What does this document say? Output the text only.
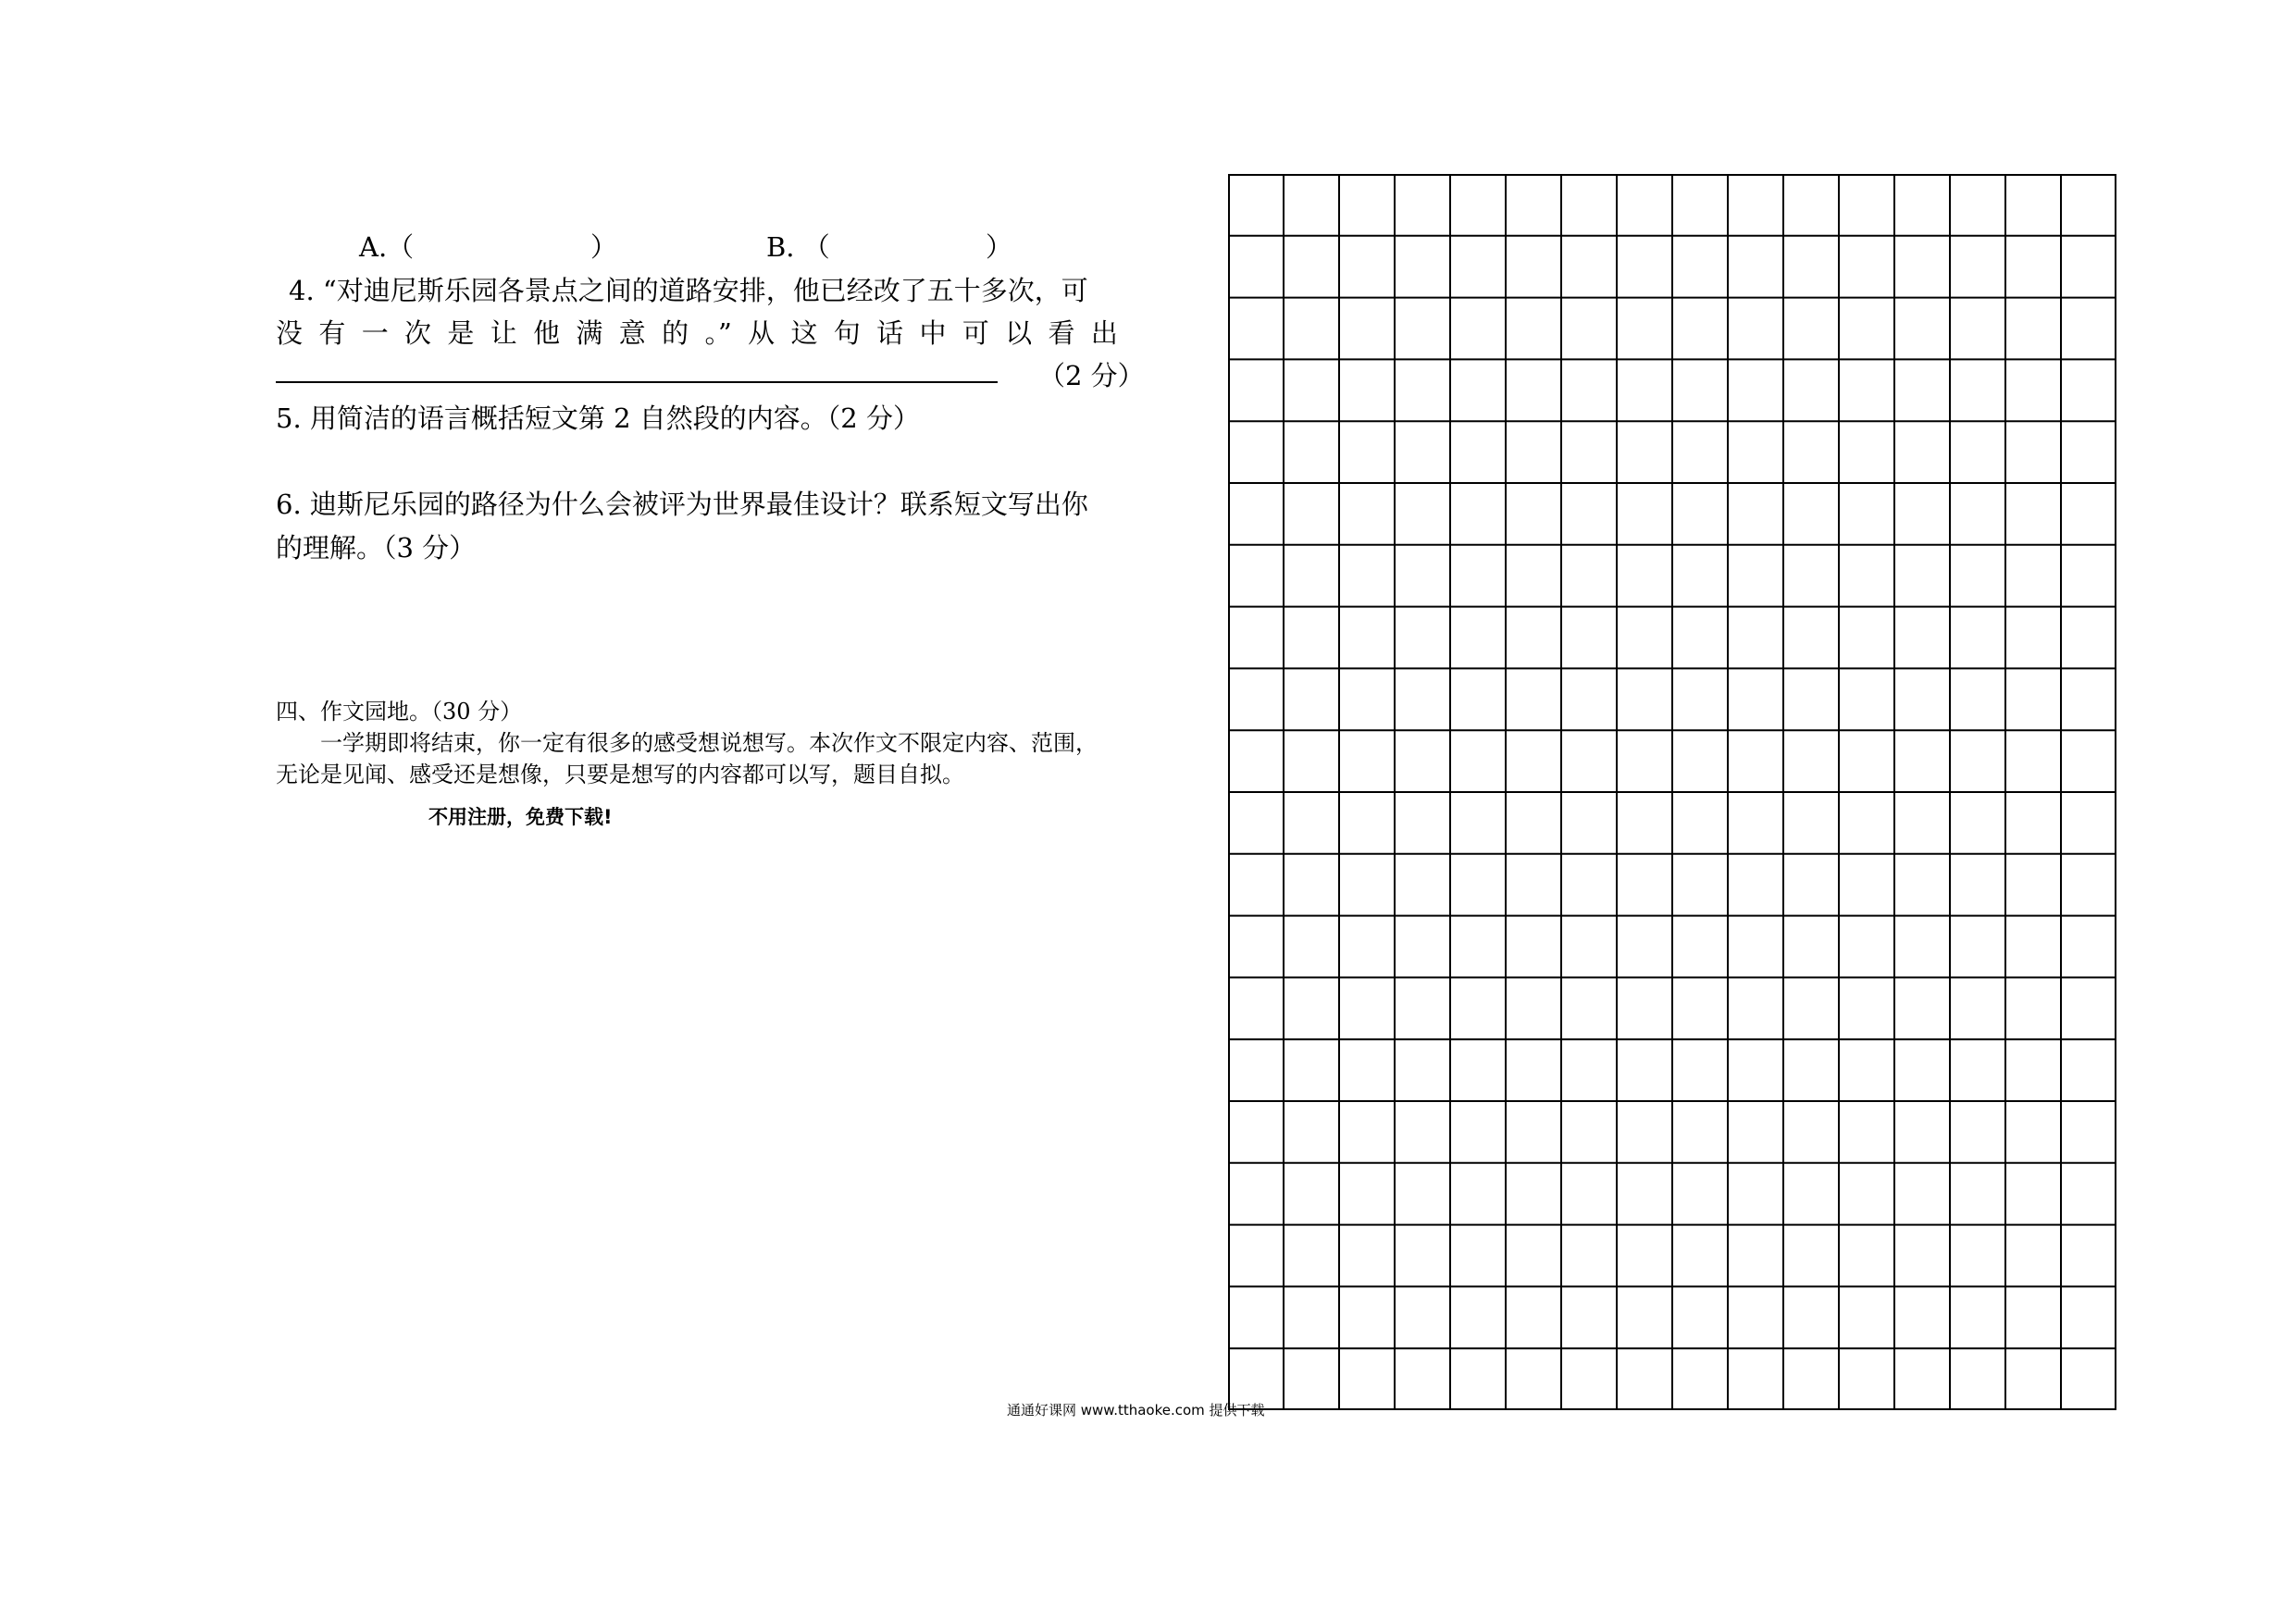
A.（	）	B. （	）
4. “对迪尼斯乐园各景点之间的道路安排，他已经改了五十多次，可
没 有 一 次 是 让 他 满 意 的 。” 从 这 句 话 中 可 以 看 出
（2 分）
5. 用简洁的语言概括短文第 2 自然段的内容。（2 分）
6. 迪斯尼乐园的路径为什么会被评为世界最佳设计？联系短文写出你
的理解。（3 分）
四、作文园地。（30 分）
一学期即将结束，你一定有很多的感受想说想写。本次作文不限定内容、范围，
无论是见闻、感受还是想像，只要是想写的内容都可以写，题目自拟。
不用注册，免费下载!
通通好课网 www.tthaoke.com 提供下载
